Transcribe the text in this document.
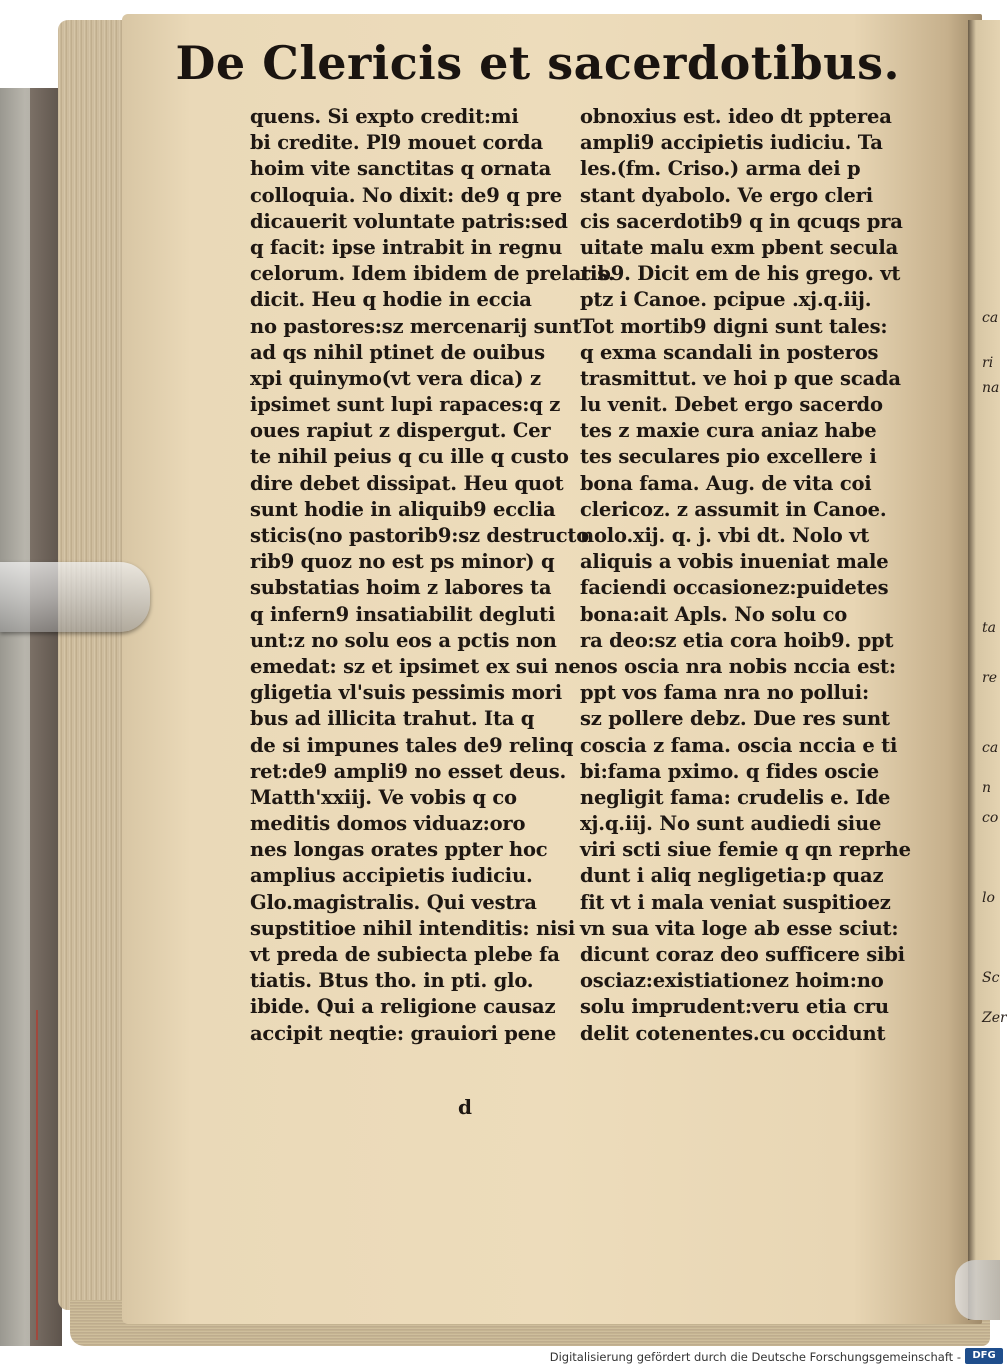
ca
ri
na
ta
re
ca
n
co
lo
Sc
Zer
De Clericis et sacerdotibus.
quens. Si expto credit:mi
bi credite. Pl9 mouet corda
hoim vite sanctitas q ornata
colloquia. No dixit: de9 q pre
dicauerit voluntate patris:sed
q facit: ipse intrabit in regnu
celorum. Idem ibidem de prelatis.
dicit. Heu q hodie in eccia
no pastores:sz mercenarij sunt
ad qs nihil ptinet de ouibus
xpi quinymo(vt vera dica) z
ipsimet sunt lupi rapaces:q z
oues rapiut z dispergut. Cer
te nihil peius q cu ille q custo
dire debet dissipat. Heu quot
sunt hodie in aliquib9 ecclia
sticis(no pastorib9:sz destructo
rib9 quoz no est ps minor) q
substatias hoim z labores ta
q infern9 insatiabilit degluti
unt:z no solu eos a pctis non
emedat: sz et ipsimet ex sui ne
gligetia vl'suis pessimis mori
bus ad illicita trahut. Ita q
de si impunes tales de9 relinq
ret:de9 ampli9 no esset deus.
Matth'xxiij. Ve vobis q co
meditis domos viduaz:oro
nes longas orates ppter hoc
amplius accipietis iudiciu.
Glo.magistralis. Qui vestra
supstitioe nihil intenditis: nisi
vt preda de subiecta plebe fa
tiatis. Btus tho. in pti. glo.
ibide. Qui a religione causaz
accipit neqtie: grauiori pene
obnoxius est. ideo dt ppterea
ampli9 accipietis iudiciu. Ta
les.(fm. Criso.) arma dei p
stant dyabolo. Ve ergo cleri
cis sacerdotib9 q in qcuqs pra
uitate malu exm pbent secula
rib9. Dicit em de his grego. vt
ptz i Canoe. pcipue .xj.q.iij.
Tot mortib9 digni sunt tales:
q exma scandali in posteros
trasmittut. ve hoi p que scada
lu venit. Debet ergo sacerdo
tes z maxie cura aniaz habe
tes seculares pio excellere i
bona fama. Aug. de vita coi
clericoz. z assumit in Canoe.
nolo.xij. q. j. vbi dt. Nolo vt
aliquis a vobis inueniat male
faciendi occasionez:puidetes
bona:ait Apls. No solu co
ra deo:sz etia cora hoib9. ppt
nos oscia nra nobis nccia est:
ppt vos fama nra no pollui:
sz pollere debz. Due res sunt
coscia z fama. oscia nccia e ti
bi:fama pximo. q fides oscie
negligit fama: crudelis e. Ide
xj.q.iij. No sunt audiedi siue
viri scti siue femie q qn reprhe
dunt i aliq negligetia:p quaz
fit vt i mala veniat suspitioez
vn sua vita loge ab esse sciut:
dicunt coraz deo sufficere sibi
osciaz:existiationez hoim:no
solu imprudent:veru etia cru
delit cotenentes.cu occidunt
d
Digitalisierung gefördert durch die Deutsche Forschungsgemeinschaft -	DFG
